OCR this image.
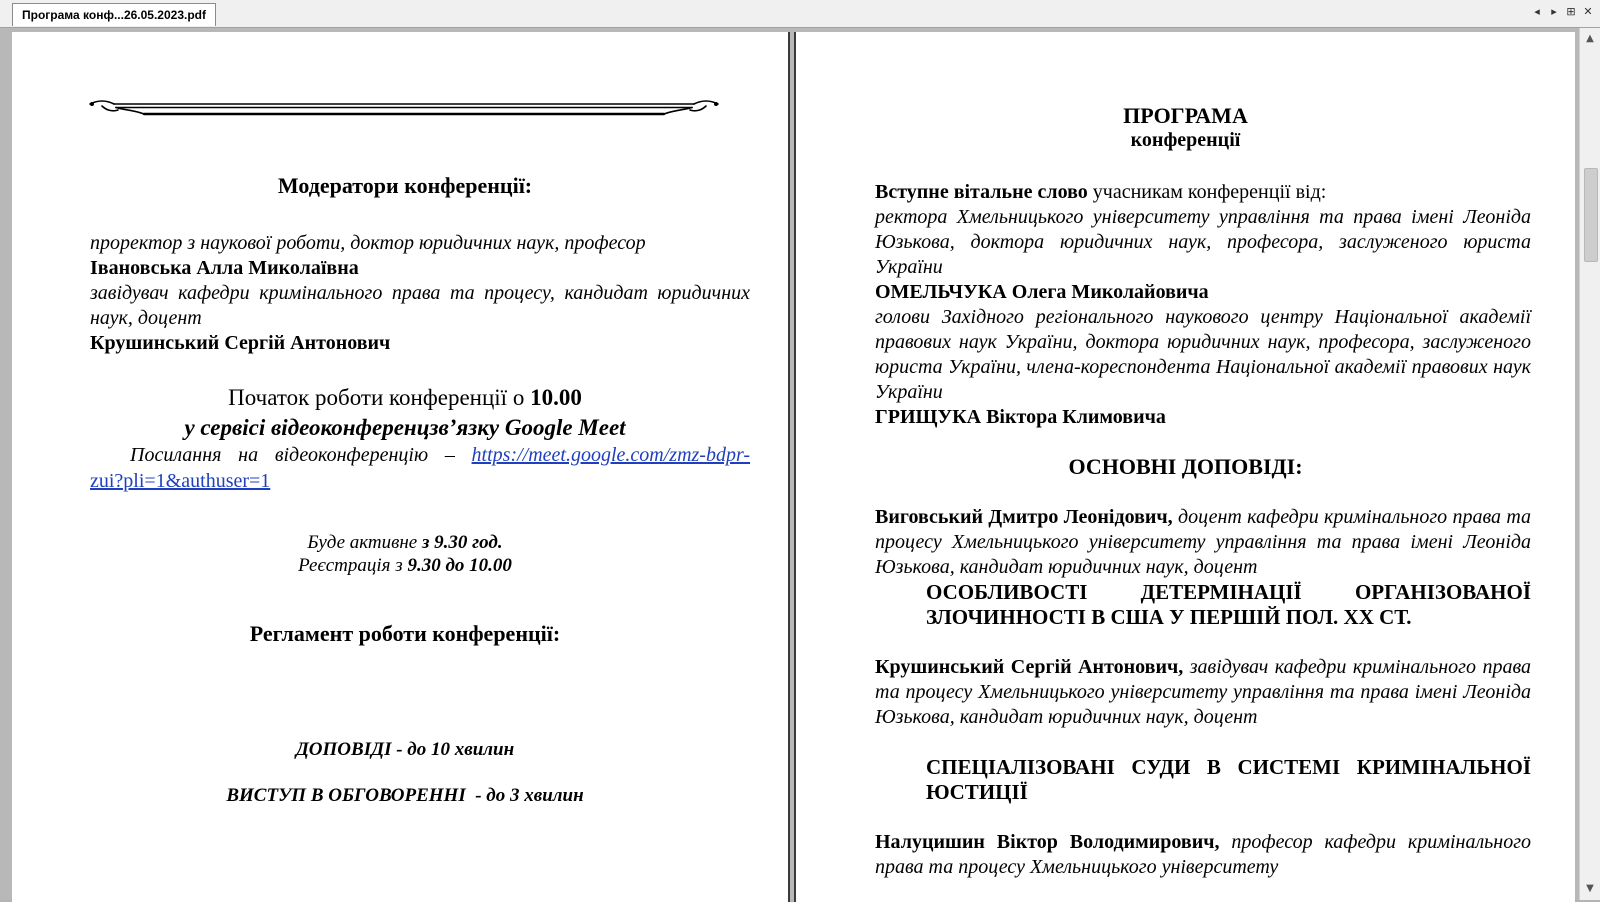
Програма конф...26.05.2023.pdf	◂ ▸ ⊞ ✕
Модератори конференції:
проректор з наукової роботи, доктор юридичних наук, професор
Івановська Алла Миколаївна
завідувач кафедри кримінального права та процесу, кандидат юридичних наук, доцент
Крушинський Сергій Антонович
Початок роботи конференції о 10.00
у сервісі відеоконференцзв’язку Google Meet
Посилання на відеоконференцію – https://meet.google.com/zmz-bdpr-
zui?pli=1&authuser=1
Буде активне з 9.30 год.
Реєстрація з 9.30 до 10.00
Регламент роботи конференції:
ДОПОВІДІ - до 10 хвилин
ВИСТУП В ОБГОВОРЕННІ  - до 3 хвилин
ПРОГРАМА
конференції
Вступне вітальне слово учасникам конференції від:
ректора Хмельницького університету управління та права імені Леоніда Юзькова, доктора юридичних наук, професора, заслуженого юриста України
ОМЕЛЬЧУКА Олега Миколайовича
голови Західного регіонального наукового центру Національної академії правових наук України, доктора юридичних наук, професора, заслуженого юриста України, члена-кореспондента Національної академії правових наук України
ГРИЩУКА Віктора Климовича
ОСНОВНІ ДОПОВІДІ:
Виговський Дмитро Леонідович, доцент кафедри кримінального права та процесу Хмельницького університету управління та права імені Леоніда Юзькова, кандидат юридичних наук, доцент
ОСОБЛИВОСТІ ДЕТЕРМІНАЦІЇ ОРГАНІЗОВАНОЇ ЗЛОЧИННОСТІ В США У ПЕРШІЙ ПОЛ. ХХ СТ.
Крушинський Сергій Антонович, завідувач кафедри кримінального права та процесу Хмельницького університету управління та права імені Леоніда Юзькова, кандидат юридичних наук, доцент
СПЕЦІАЛІЗОВАНІ СУДИ В СИСТЕМІ КРИМІНАЛЬНОЇ ЮСТИЦІЇ
Налуцишин Віктор Володимирович, професор кафедри кримінального права та процесу Хмельницького університету
▲
▼
